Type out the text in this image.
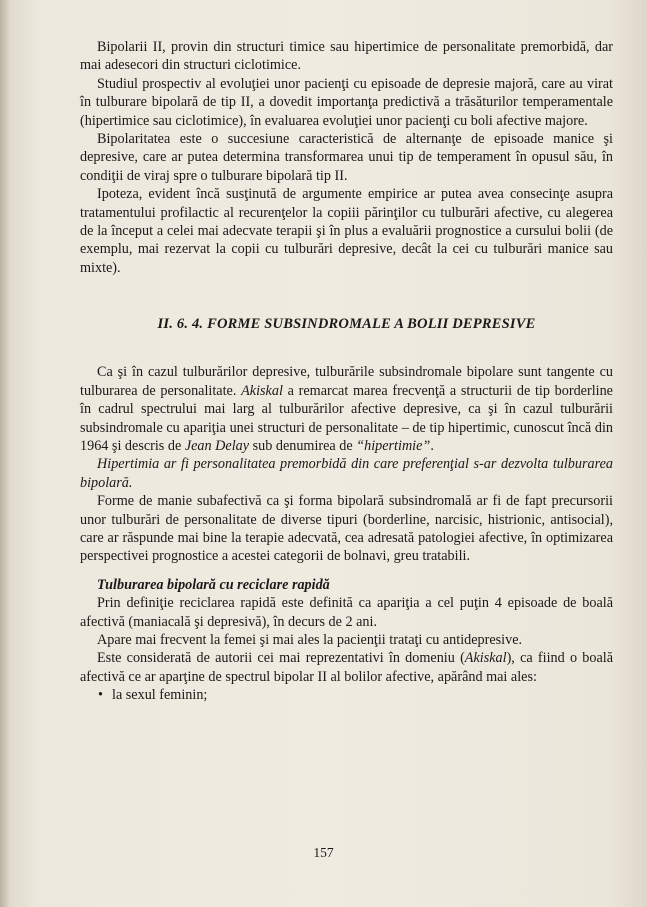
Bipolarii II, provin din structuri timice sau hipertimice de personalitate premorbidă, dar mai adesecori din structuri ciclotimice.

Studiul prospectiv al evoluţiei unor pacienţi cu episoade de depresie majoră, care au virat în tulburare bipolară de tip II, a dovedit importanţa predictivă a trăsăturilor temperamentale (hipertimice sau ciclotimice), în evaluarea evoluţiei unor pacienţi cu boli afective majore.

Bipolaritatea este o succesiune caracteristică de alternanţe de episoade manice şi depresive, care ar putea determina transformarea unui tip de temperament în opusul său, în condiţii de viraj spre o tulburare bipolară tip II.

Ipoteza, evident încă susţinută de argumente empirice ar putea avea consecinţe asupra tratamentului profilactic al recurenţelor la copiii părinţilor cu tulburări afective, cu alegerea de la început a celei mai adecvate terapii şi în plus a evaluării prognostice a cursului bolii (de exemplu, mai rezervat la copii cu tulburări depresive, decât la cei cu tulburări manice sau mixte).

II. 6. 4. FORME SUBSINDROMALE A BOLII DEPRESIVE

Ca şi în cazul tulburărilor depresive, tulburările subsindromale bipolare sunt tangente cu tulburarea de personalitate. Akiskal a remarcat marea frecvenţă a structurii de tip borderline în cadrul spectrului mai larg al tulburărilor afective depresive, ca şi în cazul tulburării subsindromale cu apariţia unei structuri de personalitate – de tip hipertimic, cunoscut încă din 1964 şi descris de Jean Delay sub denumirea de “hipertimie”.

Hipertimia ar fi personalitatea premorbidă din care preferenţial s-ar dezvolta tulburarea bipolară.

Forme de manie subafectivă ca şi forma bipolară subsindromală ar fi de fapt precursorii unor tulburări de personalitate de diverse tipuri (borderline, narcisic, histrionic, antisocial), care ar răspunde mai bine la terapie adecvată, cea adresată patologiei afective, în optimizarea perspectivei prognostice a acestei categorii de bolnavi, greu tratabili.

Tulburarea bipolară cu reciclare rapidă

Prin definiţie reciclarea rapidă este definită ca apariţia a cel puţin 4 episoade de boală afectivă (maniacală şi depresivă), în decurs de 2 ani.

Apare mai frecvent la femei şi mai ales la pacienţii trataţi cu antidepresive.

Este considerată de autorii cei mai reprezentativi în domeniu (Akiskal), ca fiind o boală afectivă ce ar aparţine de spectrul bipolar II al bolilor afective, apărând mai ales:

• la sexul feminin;
157
